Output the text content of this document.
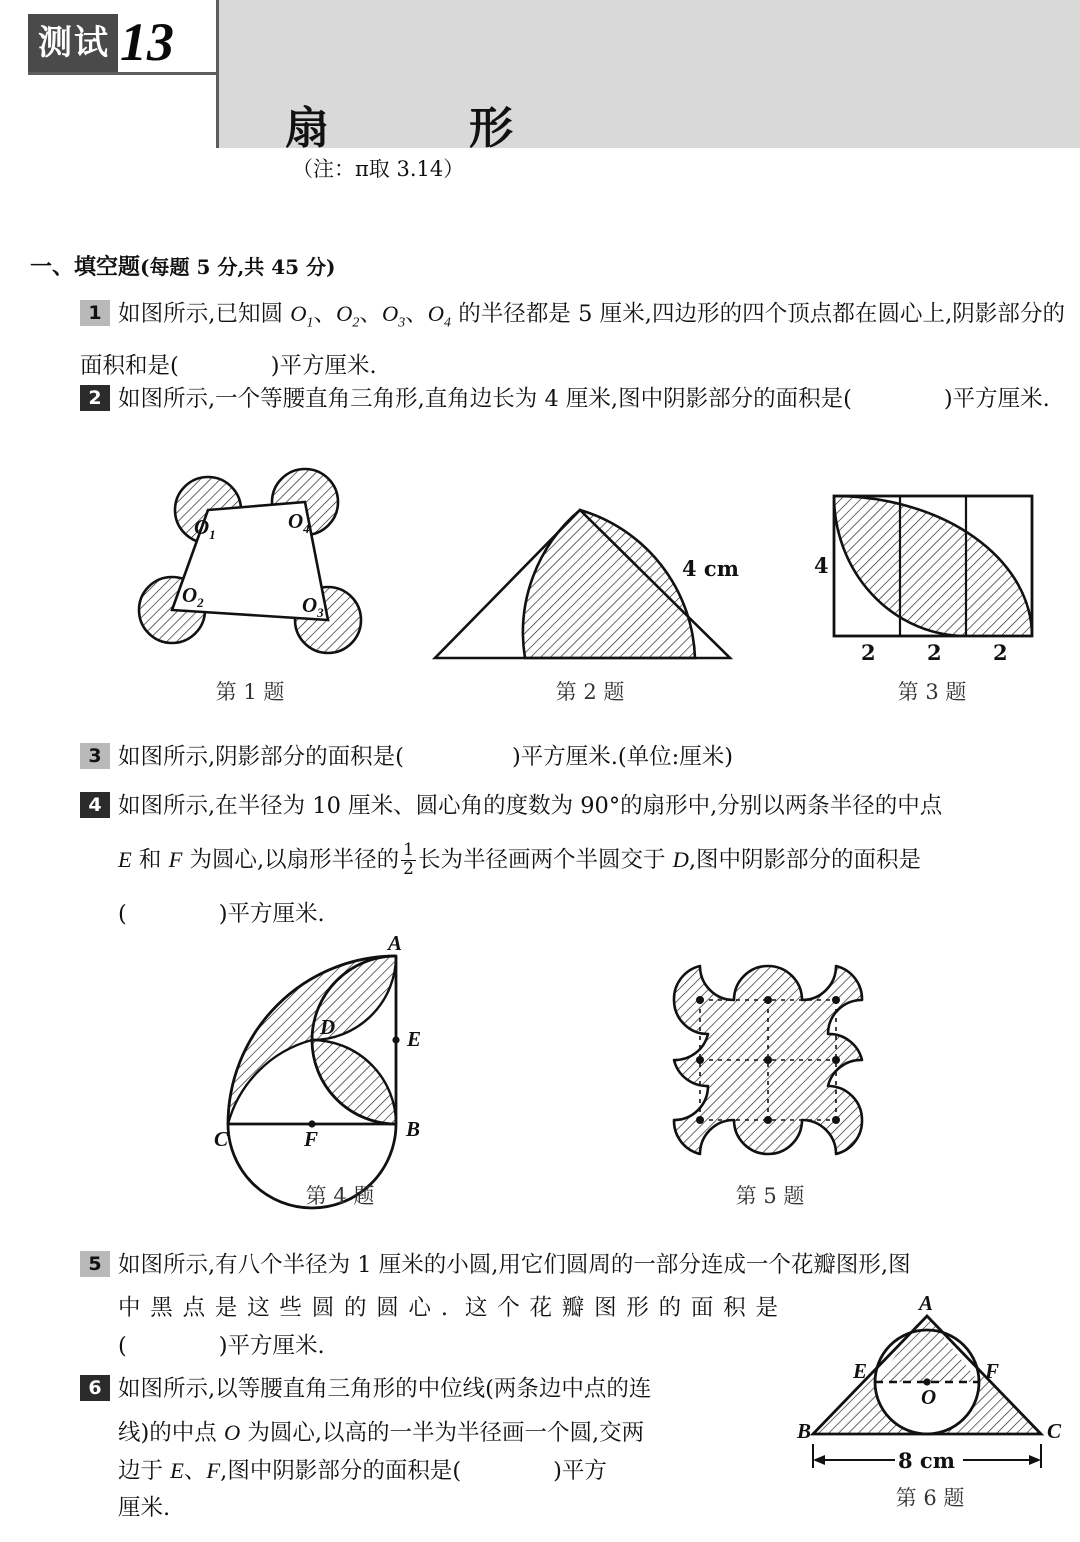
测试 13
扇　　　形
（注：π取 3.14）
一、填空题(每题 5 分,共 45 分)
1 如图所示,已知圆 $O_1$、$O_2$、$O_3$、$O_4$ 的半径都是 5 厘米,四边形的四个顶点都在圆心上,阴影部分的面积和是(	)平方厘米.
2 如图所示,一个等腰直角三角形,直角边长为 4 厘米,图中阴影部分的面积是(	)平方厘米.
$O_1$
$O_4$
$O_2$	$O_3$
第 1 题
4 cm
第 2 题
4
2 2 2
第 3 题
3 如图所示,阴影部分的面积是(	)平方厘米.(单位:厘米)
4 如图所示,在半径为 10 厘米、圆心角的度数为 90°的扇形中,分别以两条半径的中点
E 和 F 为圆心,以扇形半径的 $\frac{1}{2}$ 长为半径画两个半圆交于 D,图中阴影部分的面积是
(	)平方厘米.
A
D	E
B
C	F
第 4 题	第 5 题
5 如图所示,有八个半径为 1 厘米的小圆,用它们圆周的一部分连成一个花瓣图形,图
中黑点是这些圆的圆心. 这个花瓣图形的面积是
(	)平方厘米.
6 如图所示,以等腰直角三角形的中位线(两条边中点的连
线)的中点 O 为圆心,以高的一半为半径画一个圆,交两
边于 E、F,图中阴影部分的面积是(	)平方
厘米.
A
E	F
O
B	C
8 cm
第 6 题
